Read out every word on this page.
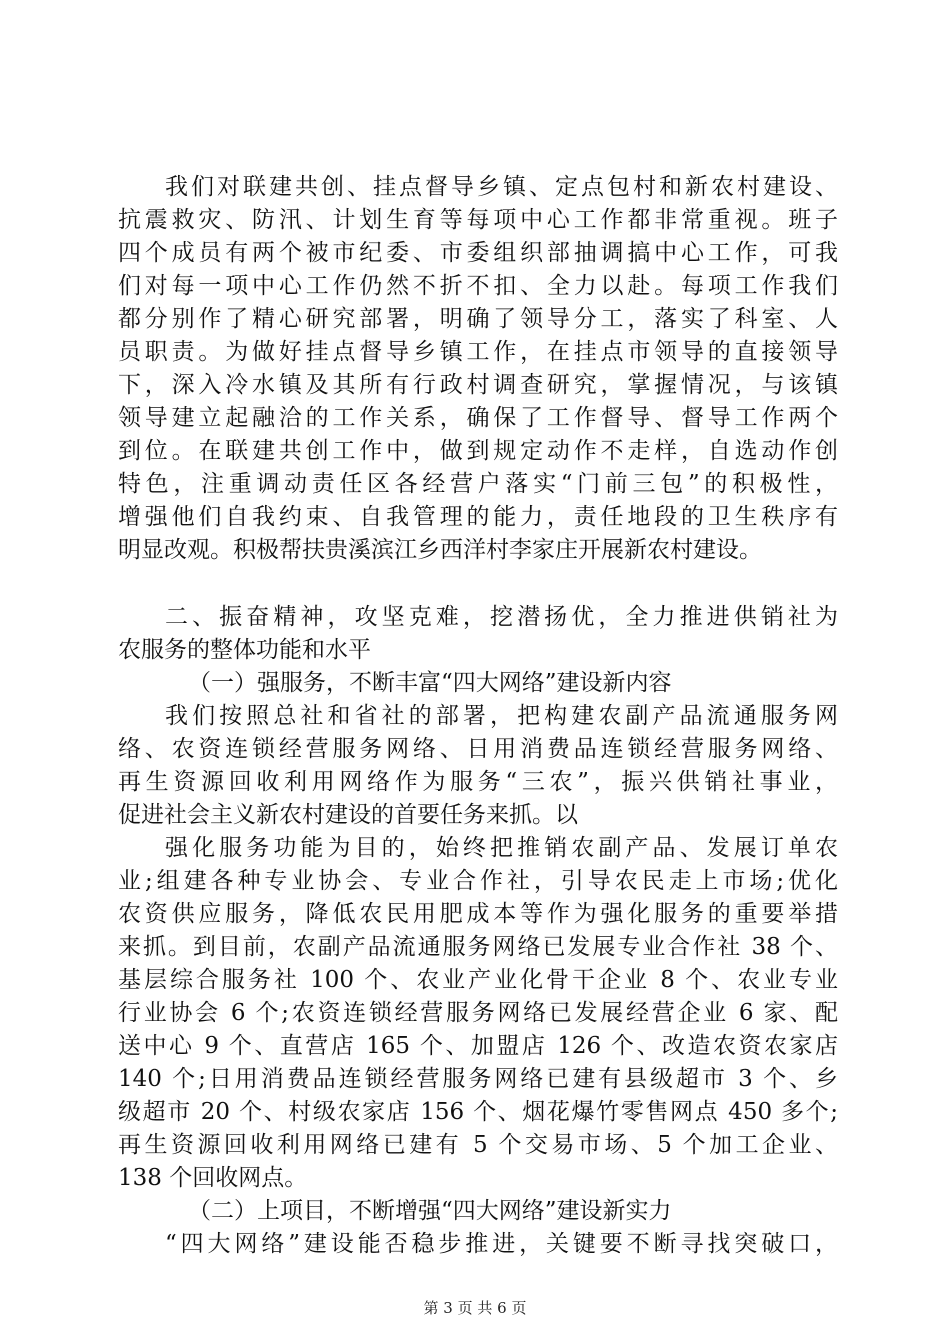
我们对联建共创、挂点督导乡镇、定点包村和新农村建设、
抗震救灾、防汛、计划生育等每项中心工作都非常重视。班子
四个成员有两个被市纪委、市委组织部抽调搞中心工作，可我
们对每一项中心工作仍然不折不扣、全力以赴。每项工作我们
都分别作了精心研究部署，明确了领导分工，落实了科室、人
员职责。为做好挂点督导乡镇工作，在挂点市领导的直接领导
下，深入冷水镇及其所有行政村调查研究，掌握情况，与该镇
领导建立起融洽的工作关系，确保了工作督导、督导工作两个
到位。在联建共创工作中，做到规定动作不走样，自选动作创
特色，注重调动责任区各经营户落实“门前三包”的积极性，
增强他们自我约束、自我管理的能力，责任地段的卫生秩序有
明显改观。积极帮扶贵溪滨江乡西洋村李家庄开展新农村建设。
二、振奋精神，攻坚克难，挖潜扬优，全力推进供销社为
农服务的整体功能和水平
（一）强服务，不断丰富“四大网络”建设新内容
我们按照总社和省社的部署，把构建农副产品流通服务网
络、农资连锁经营服务网络、日用消费品连锁经营服务网络、
再生资源回收利用网络作为服务“三农”，振兴供销社事业，
促进社会主义新农村建设的首要任务来抓。以
强化服务功能为目的，始终把推销农副产品、发展订单农
业;组建各种专业协会、专业合作社，引导农民走上市场;优化
农资供应服务，降低农民用肥成本等作为强化服务的重要举措
来抓。到目前，农副产品流通服务网络已发展专业合作社 38 个、
基层综合服务社 100 个、农业产业化骨干企业 8 个、农业专业
行业协会 6 个;农资连锁经营服务网络已发展经营企业 6 家、配
送中心 9 个、直营店 165 个、加盟店 126 个、改造农资农家店
140 个;日用消费品连锁经营服务网络已建有县级超市 3 个、乡
级超市 20 个、村级农家店 156 个、烟花爆竹零售网点 450 多个;
再生资源回收利用网络已建有 5 个交易市场、5 个加工企业、
138 个回收网点。
（二）上项目，不断增强“四大网络”建设新实力
“四大网络”建设能否稳步推进，关键要不断寻找突破口，
第 3 页 共 6 页
